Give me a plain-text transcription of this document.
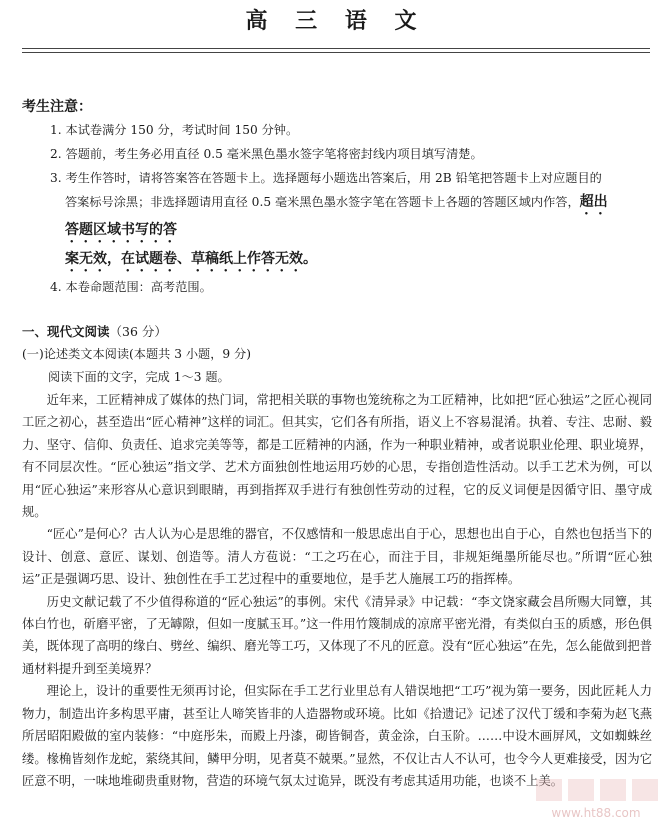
高 三 语 文
考生注意：

1. 本试卷满分 150 分，考试时间 150 分钟。

2. 答题前，考生务必用直径 0.5 毫米黑色墨水签字笔将密封线内项目填写清楚。

3. 考生作答时，请将答案答在答题卡上。选择题每小题选出答案后，用 2B 铅笔把答题卡上对应题目的答案标号涂黑；非选择题请用直径 0.5 毫米黑色墨水签字笔在答题卡上各题的答题区域内作答，超出答题区域书写的答
案无效，在试题卷、草稿纸上作答无效。

4. 本卷命题范围：高考范围。

一、现代文阅读（36 分）
(一)论述类文本阅读(本题共 3 小题，9 分)
阅读下面的文字，完成 1～3 题。

近年来，工匠精神成了媒体的热门词，常把相关联的事物也笼统称之为工匠精神，比如把“匠心独运”之匠心视同工匠之初心，甚至造出“匠心精神”这样的词汇。但其实，它们各有所指，语义上不容易混淆。执着、专注、忠耐、毅力、坚守、信仰、负责任、追求完美等等，都是工匠精神的内涵，作为一种职业精神，或者说职业伦理、职业境界，有不同层次性。“匠心独运”指文学、艺术方面独创性地运用巧妙的心思，专指创造性活动。以手工艺术为例，可以用“匠心独运”来形容从心意识到眼睛，再到指挥双手进行有独创性劳动的过程，它的反义词便是因循守旧、墨守成规。

“匠心”是何心？古人认为心是思维的器官，不仅感情和一般思虑出自于心，思想也出自于心，自然也包括当下的设计、创意、意匠、谋划、创造等。清人方苞说：“工之巧在心，而注于目，非规矩绳墨所能尽也。”所谓“匠心独运”正是强调巧思、设计、独创性在手工艺过程中的重要地位，是手艺人施展工巧的指挥棒。

历史文献记载了不少值得称道的“匠心独运”的事例。宋代《清异录》中记载：“李文饶家藏会昌所赐大同簟，其体白竹也，斫磨平密，了无罅隙，但如一度腻玉耳。”这一件用竹篾制成的凉席平密光滑，有类似白玉的质感，形色俱美，既体现了高明的缘白、劈丝、编织、磨光等工巧，又体现了不凡的匠意。没有“匠心独运”在先，怎么能做到把普通材料提升到至美境界？

理论上，设计的重要性无须再讨论，但实际在手工艺行业里总有人错误地把“工巧”视为第一要务，因此匠耗人力物力，制造出许多构思平庸，甚至让人啼笑皆非的人造器物或环境。比如《拾遗记》记述了汉代丁缓和李菊为赵飞燕所居昭阳殿做的室内装修：“中庭彤朱，而殿上丹漆，砌皆铜沓，黄金涂，白玉阶。……中设木画屏风，文如蜘蛛丝缕。椽桷皆刻作龙蛇，萦绕其间，鳞甲分明，见者莫不兢栗。”显然，不仅让古人不认可，也令今人更难接受，因为它匠意不明，一味地堆砌贵重财物，营造的环境气氛太过诡异，既没有考虑其适用功能，也谈不上美。

www.ht88.com
